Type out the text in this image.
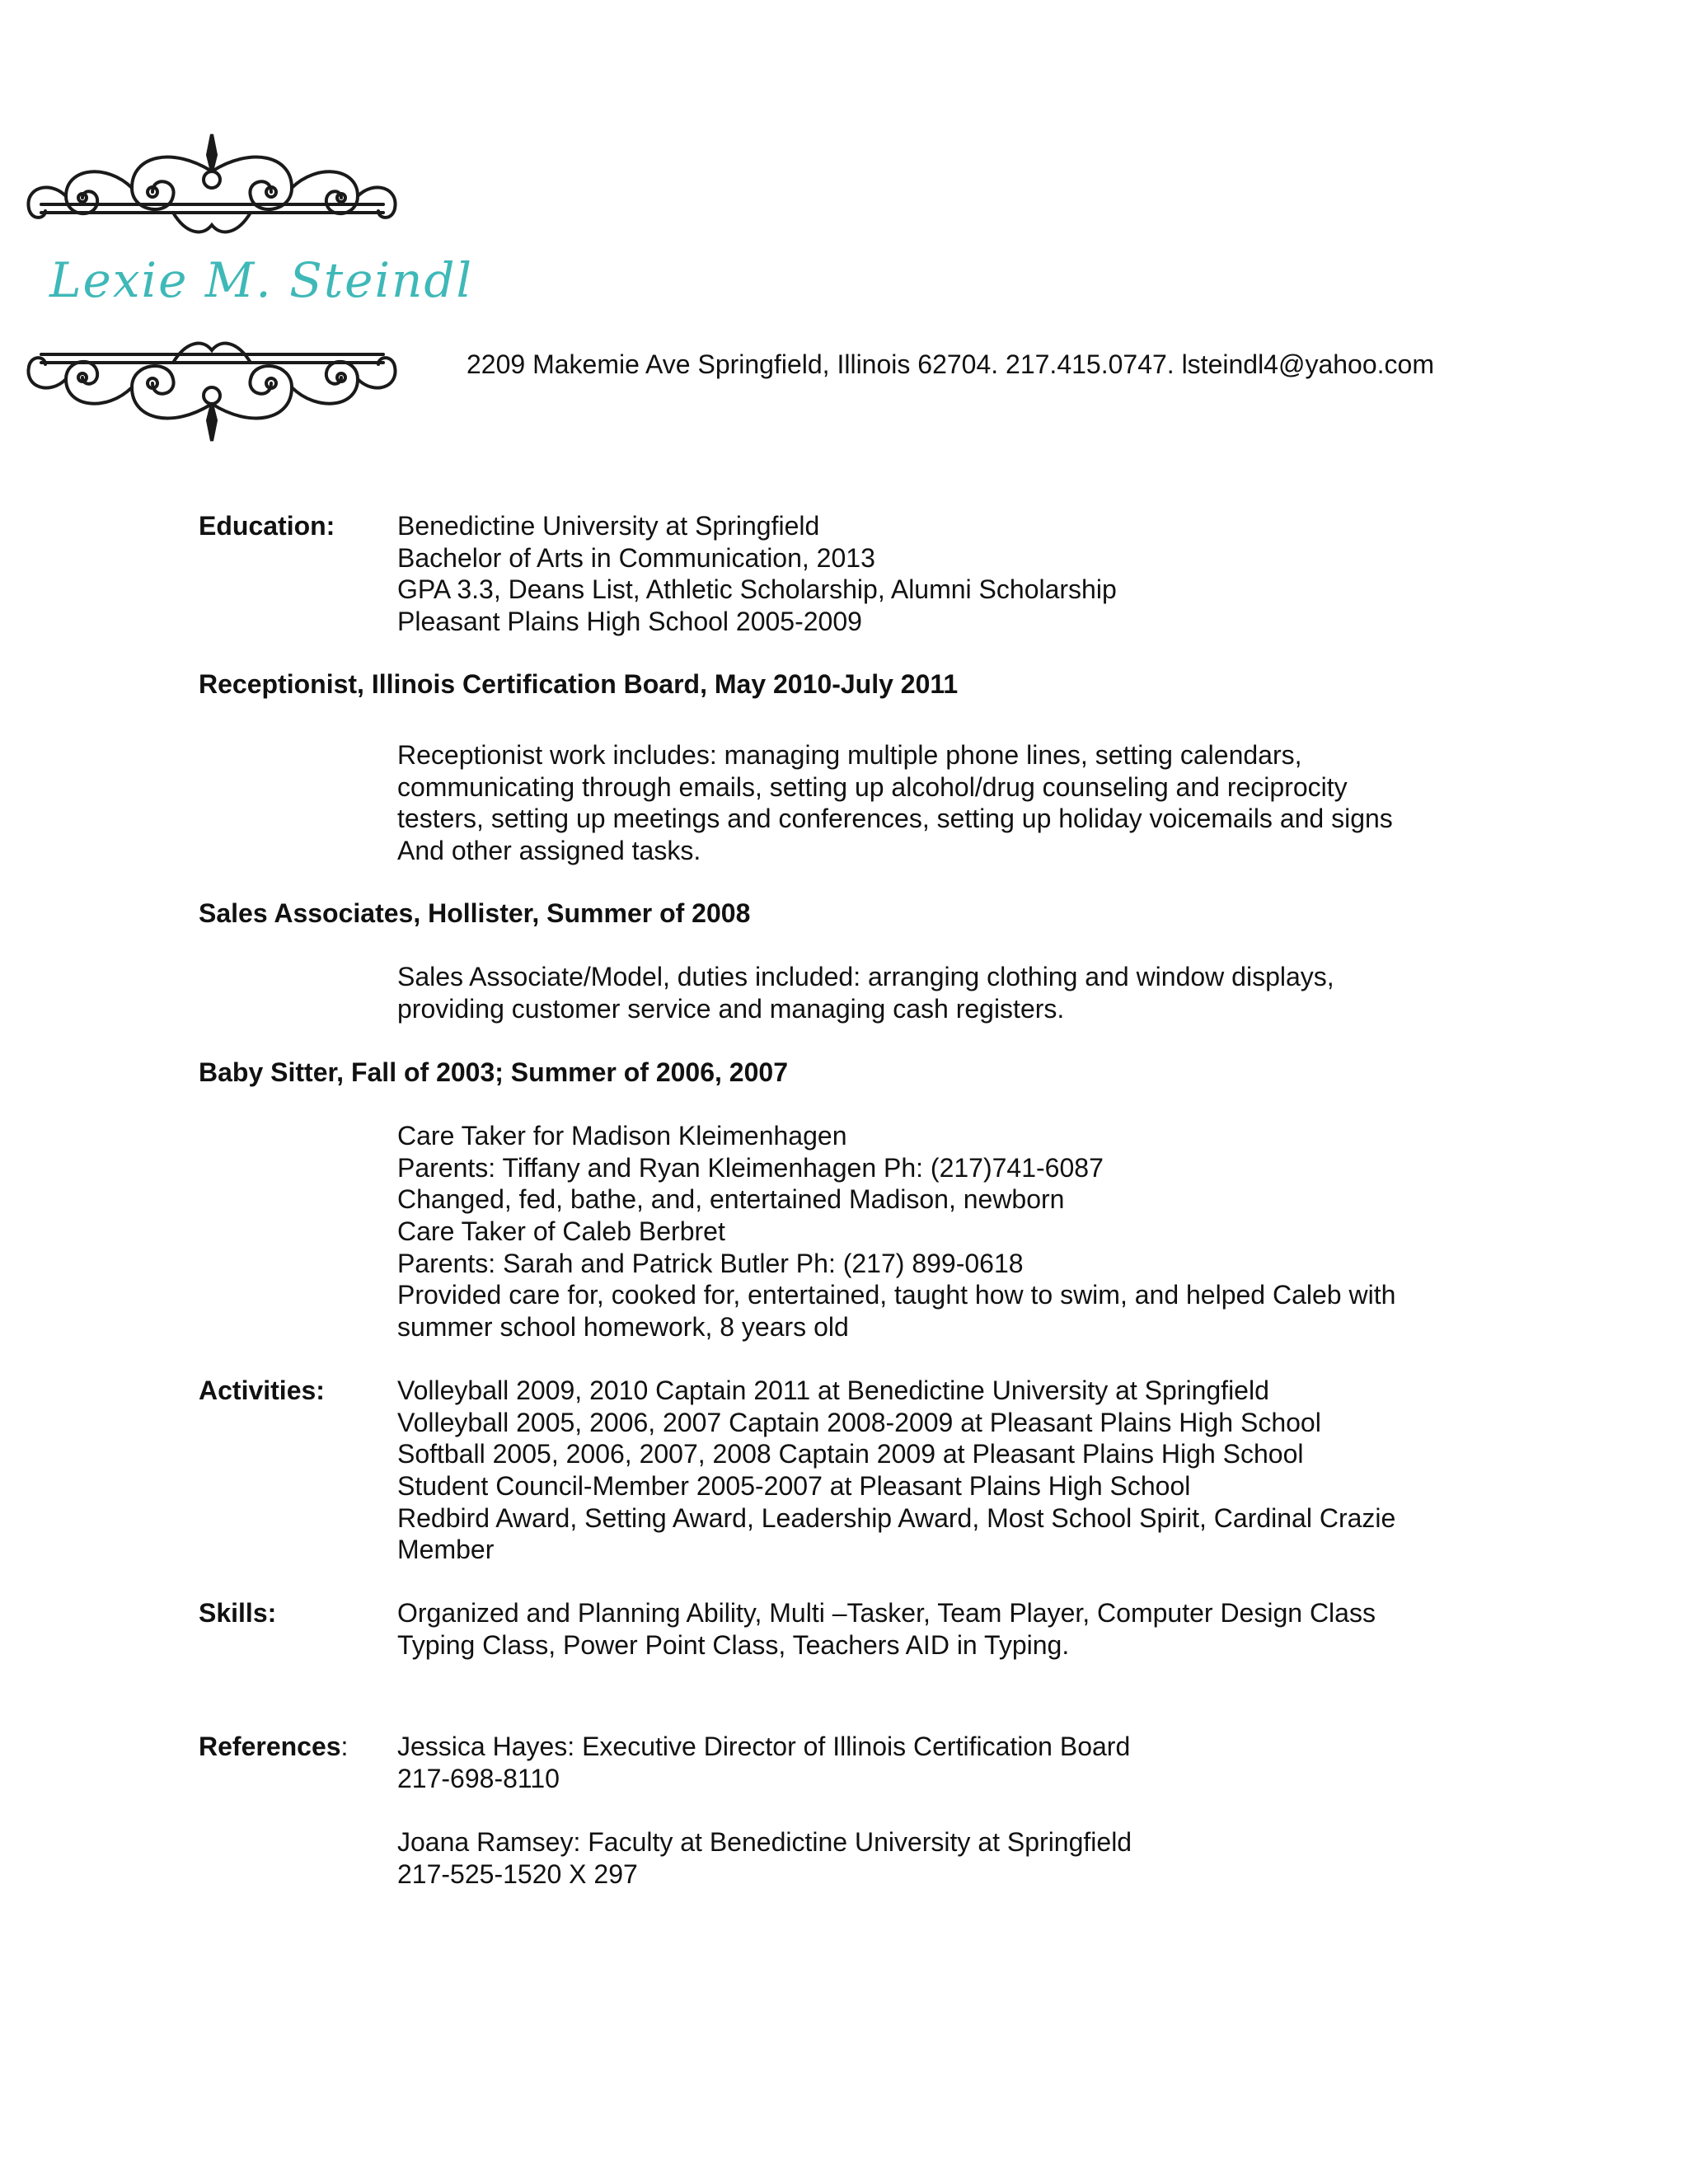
Lexie M. Steindl
2209 Makemie Ave Springfield, Illinois 62704. 217.415.0747. lsteindl4@yahoo.com
Education: Benedictine University at Springfield
Bachelor of Arts in Communication, 2013
GPA 3.3, Deans List, Athletic Scholarship, Alumni Scholarship
Pleasant Plains High School 2005-2009
Receptionist, Illinois Certification Board, May 2010-July 2011
Receptionist work includes: managing multiple phone lines, setting calendars,
communicating through emails, setting up alcohol/drug counseling and reciprocity
testers, setting up meetings and conferences, setting up holiday voicemails and signs
And other assigned tasks.
Sales Associates, Hollister, Summer of 2008
Sales Associate/Model, duties included: arranging clothing and window displays,
providing customer service and managing cash registers.
Baby Sitter, Fall of 2003; Summer of 2006, 2007
Care Taker for Madison Kleimenhagen
Parents: Tiffany and Ryan Kleimenhagen Ph: (217)741-6087
Changed, fed, bathe, and, entertained Madison, newborn
Care Taker of Caleb Berbret
Parents: Sarah and Patrick Butler Ph: (217) 899-0618
Provided care for, cooked for, entertained, taught how to swim, and helped Caleb with
summer school homework, 8 years old
Activities:	Volleyball 2009, 2010 Captain 2011 at Benedictine University at Springfield
Volleyball 2005, 2006, 2007 Captain 2008-2009 at Pleasant Plains High School
Softball 2005, 2006, 2007, 2008 Captain 2009 at Pleasant Plains High School
Student Council-Member 2005-2007 at Pleasant Plains High School
Redbird Award, Setting Award, Leadership Award, Most School Spirit, Cardinal Crazie
Member
Skills:	Organized and Planning Ability, Multi –Tasker, Team Player, Computer Design Class
Typing Class, Power Point Class, Teachers AID in Typing.
References: Jessica Hayes: Executive Director of Illinois Certification Board
217-698-8110
Joana Ramsey: Faculty at Benedictine University at Springfield
217-525-1520 X 297
